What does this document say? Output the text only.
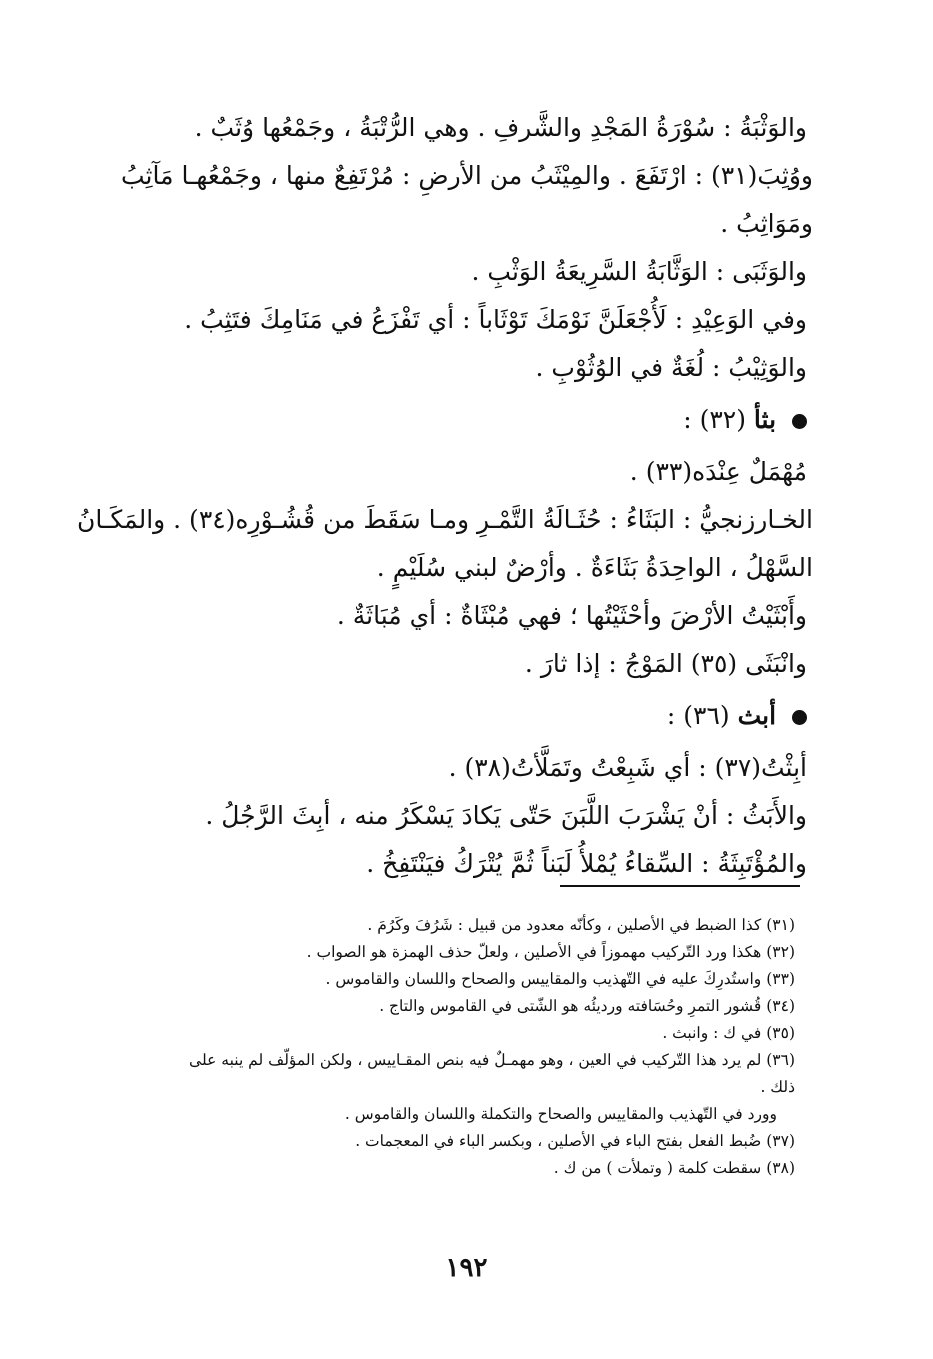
والوَثْبَةُ : سُوْرَةُ المَجْدِ والشَّرفِ . وهي الرُّتْبَةُ ، وجَمْعُها وُثَبٌ .
ووُثِبَ(٣١) : ارْتَفَعَ . والمِيْثَبُ من الأرضِ : مُرْتَفِعٌ منها ، وجَمْعُهـا مَآثِبُ
ومَوَاثِبُ .
والوَثَبَى : الوَثَّابَةُ السَّرِيعَةُ الوَثْبِ .
وفي الوَعِيْدِ : لَأُجْعَلَنَّ نَوْمَكَ تَوْثَاباً : أي تَفْزَعُ في مَنَامِكَ فتَثِبُ .
والوَثِيْبُ : لُغَةٌ في الوُثُوْبِ .
بثأ (٣٢) :
مُهْمَلٌ عِنْدَه(٣٣) .
الخـارزنجيُّ : البَثَاءُ : حُثَـالَةُ التَّمْـرِ ومـا سَقَطَ من قُشُـوْرِه(٣٤) . والمَكَـانُ
السَّهْلُ ، الواحِدَةُ بَثَاءَةٌ . وأرْضٌ لبني سُلَيْمٍ .
وأَبْثَيْتُ الأرْضَ وأحْثَيْتُها ؛ فهي مُبْثَاةٌ : أي مُبَاثَةٌ .
وانْبَثَى (٣٥) المَوْجُ : إذا ثارَ .
أبث (٣٦) :
أبِثْتُ(٣٧) : أي شَبِعْتُ وتَمَلَّأتُ(٣٨) .
والأَبَثُ : أنْ يَشْرَبَ اللَّبَنَ حَتّى يَكادَ يَسْكَرُ منه ، أبِثَ الرَّجُلُ .
والمُؤْتَبِثَةُ : السِّقاءُ يُمْلأُ لَبَناً ثُمَّ يُتْرَكُ فيَنْتَفِخُ .
(٣١) كذا الضبط في الأصلين ، وكأنّه معدود من قبيل : شَرُفَ وكَرُمَ .
(٣٢) هكذا ورد التّركيب مهموزاً في الأصلين ، ولعلّ حذف الهمزة هو الصواب .
(٣٣) واستُدرِكَ عليه في التّهذيب والمقاييس والصحاح واللسان والقاموس .
(٣٤) قُشور التمرِ وحُسَافته ورديئُه هو الشّتى في القاموس والتاج .
(٣٥) في ك : وانبث .
(٣٦) لم يرد هذا التّركيب في العين ، وهو مهمـلٌ فيه بنص المقـاييس ، ولكن المؤلّف لم ينبه على
ذلك .
وورد في التّهذيب والمقاييس والصحاح والتكملة واللسان والقاموس .
(٣٧) ضُبط الفعل بفتح الباء في الأصلين ، وبكسر الباء في المعجمات .
(٣٨) سقطت كلمة ( وتملأت ) من ك .
١٩٢
